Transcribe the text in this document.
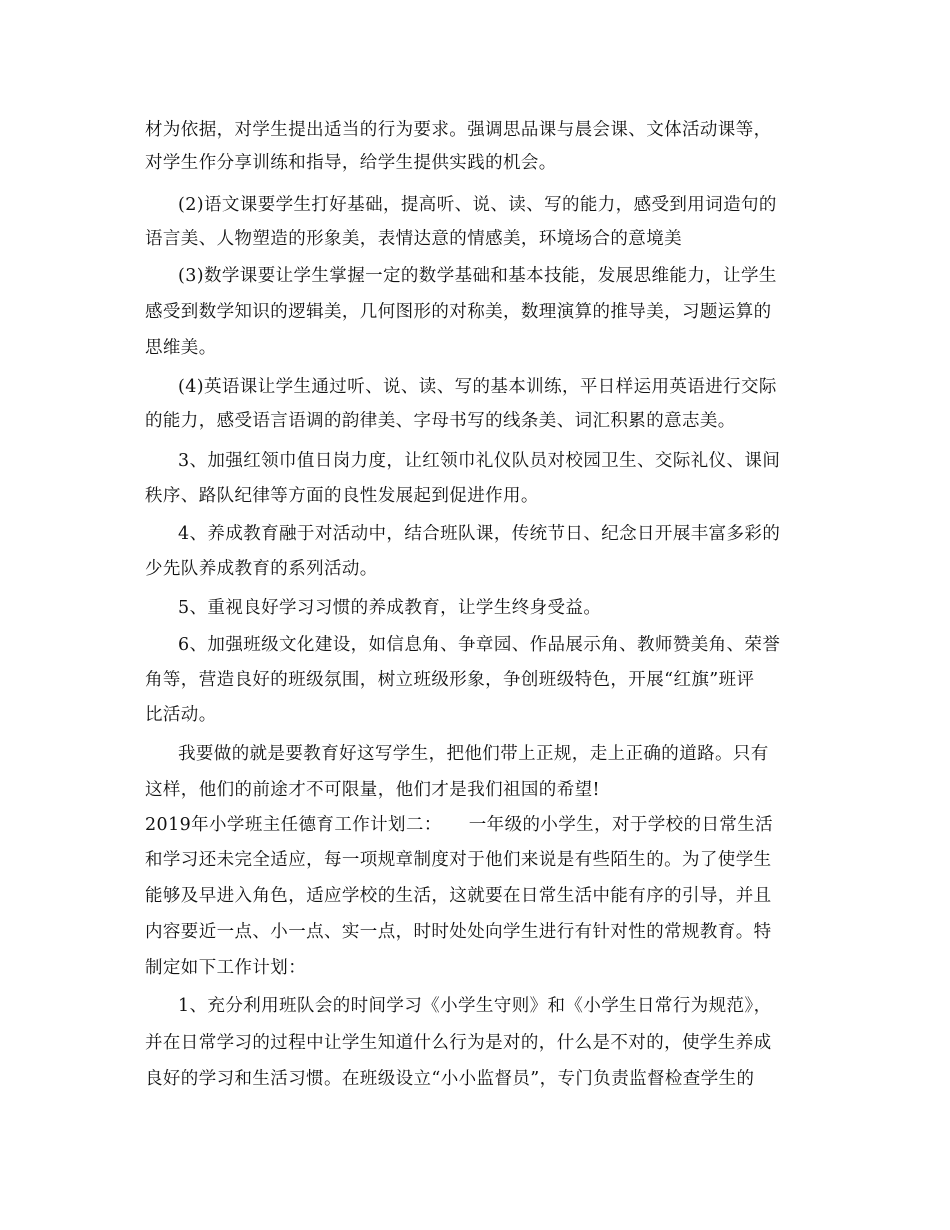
材为依据，对学生提出适当的行为要求。强调思品课与晨会课、文体活动课等，
对学生作分享训练和指导，给学生提供实践的机会。
(2)语文课要学生打好基础，提高听、说、读、写的能力，感受到用词造句的
语言美、人物塑造的形象美，表情达意的情感美，环境场合的意境美
(3)数学课要让学生掌握一定的数学基础和基本技能，发展思维能力，让学生
感受到数学知识的逻辑美，几何图形的对称美，数理演算的推导美，习题运算的
思维美。
(4)英语课让学生通过听、说、读、写的基本训练，平日样运用英语进行交际
的能力，感受语言语调的韵律美、字母书写的线条美、词汇积累的意志美。
3、加强红领巾值日岗力度，让红领巾礼仪队员对校园卫生、交际礼仪、课间
秩序、路队纪律等方面的良性发展起到促进作用。
4、养成教育融于对活动中，结合班队课，传统节日、纪念日开展丰富多彩的
少先队养成教育的系列活动。
5、重视良好学习习惯的养成教育，让学生终身受益。
6、加强班级文化建设，如信息角、争章园、作品展示角、教师赞美角、荣誉
角等，营造良好的班级氛围，树立班级形象，争创班级特色，开展“红旗”班评
比活动。
我要做的就是要教育好这写学生，把他们带上正规，走上正确的道路。只有
这样，他们的前途才不可限量，他们才是我们祖国的希望!
2019年小学班主任德育工作计划二：　　一年级的小学生，对于学校的日常生活
和学习还未完全适应，每一项规章制度对于他们来说是有些陌生的。为了使学生
能够及早进入角色，适应学校的生活，这就要在日常生活中能有序的引导，并且
内容要近一点、小一点、实一点，时时处处向学生进行有针对性的常规教育。特
制定如下工作计划：
1、充分利用班队会的时间学习《小学生守则》和《小学生日常行为规范》，
并在日常学习的过程中让学生知道什么行为是对的，什么是不对的，使学生养成
良好的学习和生活习惯。在班级设立“小小监督员”，专门负责监督检查学生的
